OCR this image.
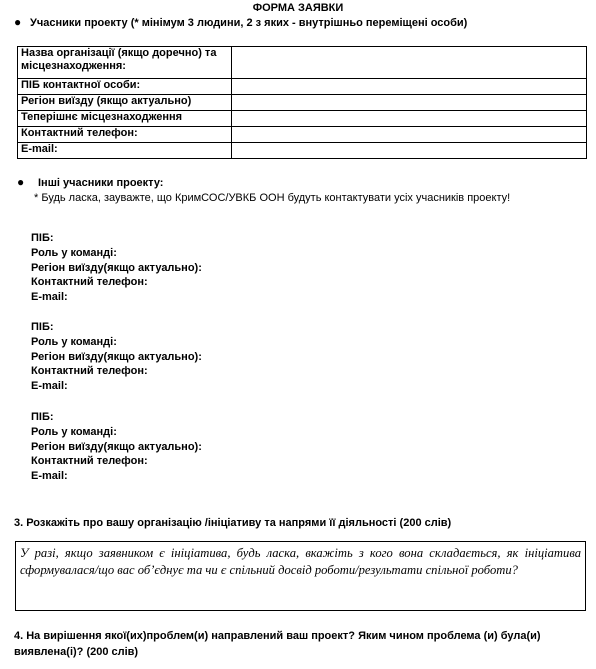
ФОРМА ЗАЯВКИ
● Учасники проекту (* мінімум 3 людини, 2 з яких - внутрішньо переміщені особи)
Назва організації (якщо доречно) та місцезнаходження:	
ПІБ контактної особи:	
Регіон виїзду (якщо актуально)	
Теперішнє місцезнаходження	
Контактний телефон:	
E-mail:	
● Інші учасники проекту:
* Будь ласка, зауважте, що КримСОС/УВКБ ООН будуть контактувати усіх учасників проекту!
ПІБ:
Роль у команді:
Регіон виїзду(якщо актуально):
Контактний телефон:
E-mail:
ПІБ:
Роль у команді:
Регіон виїзду(якщо актуально):
Контактний телефон:
E-mail:
ПІБ:
Роль у команді:
Регіон виїзду(якщо актуально):
Контактний телефон:
E-mail:
3. Розкажіть про вашу організацію /ініціативу та напрями її діяльності (200 слів)
У разі, якщо заявником є ініціатива, будь ласка, вкажіть з кого вона складається, як ініціатива сформувалася/що вас об’єднує та чи є спільний досвід роботи/результати спільної роботи?
4. На вирішення якої(их)проблем(и) направлений ваш проект? Яким чином проблема (и) була(и) виявлена(і)? (200 слів)
